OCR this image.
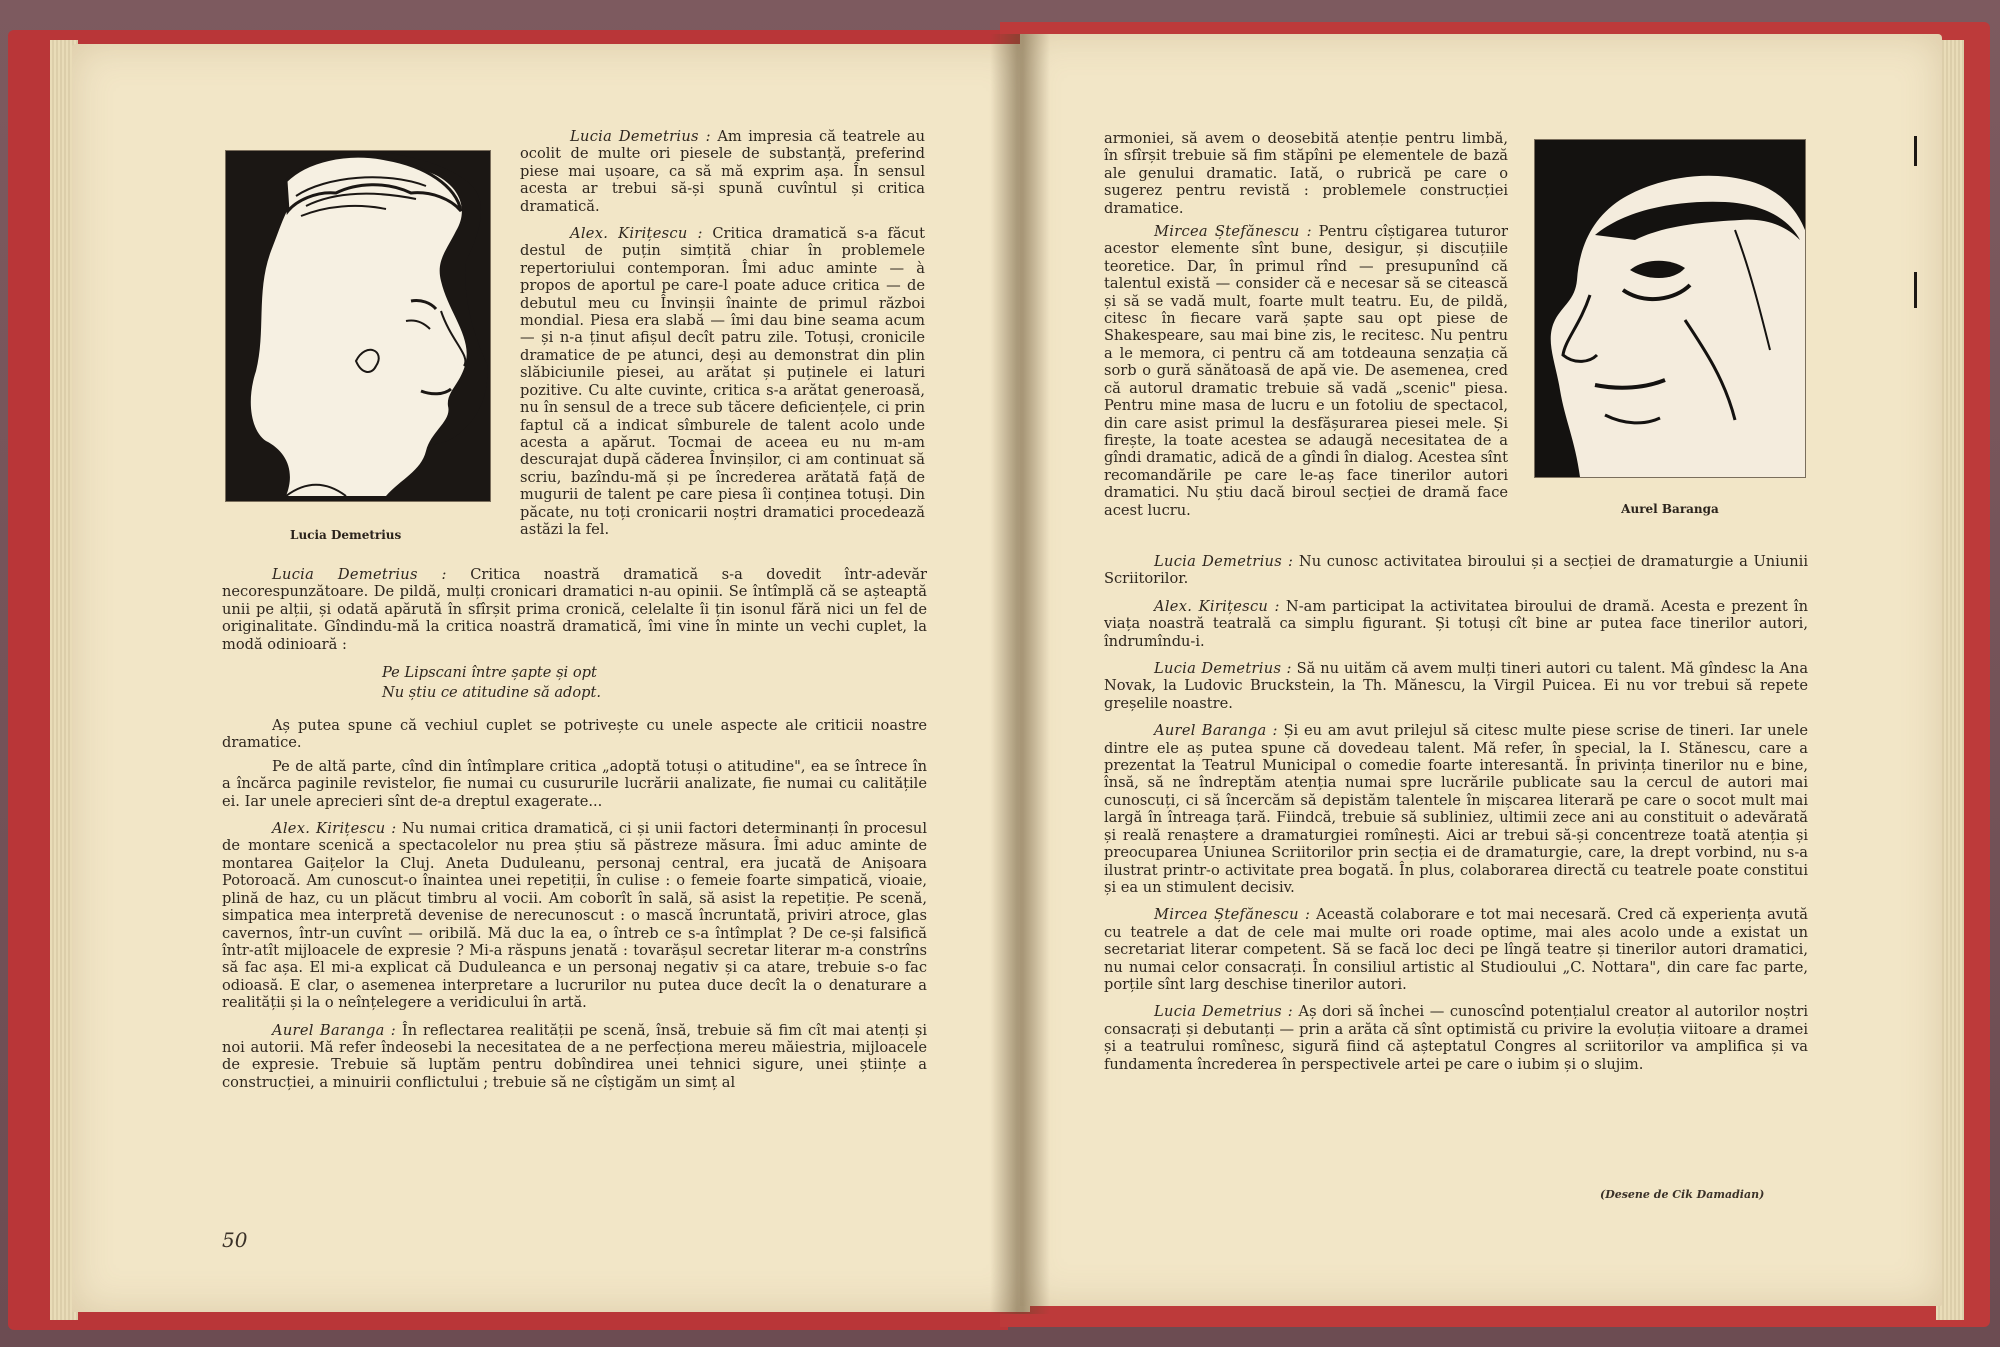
Lucia Demetrius
Aurel Baranga

Lucia Demetrius : Am impresia că teatrele au ocolit de multe ori piesele de substanță, preferind piese mai ușoare, ca să mă exprim așa. În sensul acesta ar trebui să-și spună cuvîntul și critica dramatică.

Alex. Kirițescu : Critica dramatică s-a făcut destul de puțin simțită chiar în problemele repertoriului contemporan. Îmi aduc aminte — à propos de aportul pe care-l poate aduce critica — de debutul meu cu Învinșii înainte de primul război mondial. Piesa era slabă — îmi dau bine seama acum — și n-a ținut afișul decît patru zile. Totuși, cronicile dramatice de pe atunci, deși au demonstrat din plin slăbiciunile piesei, au arătat și puținele ei laturi pozitive. Cu alte cuvinte, critica s-a arătat generoasă, nu în sensul de a trece sub tăcere deficiențele, ci prin faptul că a indicat sîmburele de talent acolo unde acesta a apărut. Tocmai de aceea eu nu m-am descurajat după căderea Învinșilor, ci am continuat să scriu, bazîndu-mă și pe încrederea arătată față de mugurii de talent pe care piesa îi conținea totuși. Din păcate, nu toți cronicarii noștri dramatici procedează astăzi la fel.

Lucia Demetrius : Critica noastră dramatică s-a dovedit într-adevăr necorespunzătoare. De pildă, mulți cronicari dramatici n-au opinii. Se întîmplă că se așteaptă unii pe alții, și odată apărută în sfîrșit prima cronică, celelalte îi țin isonul fără nici un fel de originalitate. Gîndindu-mă la critica noastră dramatică, îmi vine în minte un vechi cuplet, la modă odinioară :

Pe Lipscani între șapte și opt
Nu știu ce atitudine să adopt.

Aș putea spune că vechiul cuplet se potrivește cu unele aspecte ale criticii noastre dramatice.

Pe de altă parte, cînd din întîmplare critica „adoptă totuși o atitudine", ea se întrece în a încărca paginile revistelor, fie numai cu cusururile lucrării analizate, fie numai cu calitățile ei. Iar unele aprecieri sînt de-a dreptul exagerate...

Alex. Kirițescu : Nu numai critica dramatică, ci și unii factori determinanți în procesul de montare scenică a spectacolelor nu prea știu să păstreze măsura. Îmi aduc aminte de montarea Gaițelor la Cluj. Aneta Duduleanu, personaj central, era jucată de Anișoara Potoroacă. Am cunoscut-o înaintea unei repetiții, în culise : o femeie foarte simpatică, vioaie, plină de haz, cu un plăcut timbru al vocii. Am coborît în sală, să asist la repetiție. Pe scenă, simpatica mea interpretă devenise de nerecunoscut : o mască încruntată, priviri atroce, glas cavernos, într-un cuvînt — oribilă. Mă duc la ea, o întreb ce s-a întîmplat ? De ce-și falsifică într-atît mijloacele de expresie ? Mi-a răspuns jenată : tovarășul secretar literar m-a constrîns să fac așa. El mi-a explicat că Duduleanca e un personaj negativ și ca atare, trebuie s-o fac odioasă. E clar, o asemenea interpretare a lucrurilor nu putea duce decît la o denaturare a realității și la o neînțelegere a veridicului în artă.

Aurel Baranga : În reflectarea realității pe scenă, însă, trebuie să fim cît mai atenți și noi autorii. Mă refer îndeosebi la necesitatea de a ne perfecționa mereu măiestria, mijloacele de expresie. Trebuie să luptăm pentru dobîndirea unei tehnici sigure, unei științe a construcției, a minuirii conflictului ; trebuie să ne cîștigăm un simț al

50

armoniei, să avem o deosebită atenție pentru limbă, în sfîrșit trebuie să fim stăpîni pe elementele de bază ale genului dramatic. Iată, o rubrică pe care o sugerez pentru revistă : problemele construcției dramatice.

Mircea Ștefănescu : Pentru cîștigarea tuturor acestor elemente sînt bune, desigur, și discuțiile teoretice. Dar, în primul rînd — presupunînd că talentul există — consider că e necesar să se citească și să se vadă mult, foarte mult teatru. Eu, de pildă, citesc în fiecare vară șapte sau opt piese de Shakespeare, sau mai bine zis, le recitesc. Nu pentru a le memora, ci pentru că am totdeauna senzația că sorb o gură sănătoasă de apă vie. De asemenea, cred că autorul dramatic trebuie să vadă „scenic" piesa. Pentru mine masa de lucru e un fotoliu de spectacol, din care asist primul la desfășurarea piesei mele. Și firește, la toate acestea se adaugă necesitatea de a gîndi dramatic, adică de a gîndi în dialog. Acestea sînt recomandările pe care le-aș face tinerilor autori dramatici. Nu știu dacă biroul secției de dramă face acest lucru.

Lucia Demetrius : Nu cunosc activitatea biroului și a secției de dramaturgie a Uniunii Scriitorilor.

Alex. Kirițescu : N-am participat la activitatea biroului de dramă. Acesta e prezent în viața noastră teatrală ca simplu figurant. Și totuși cît bine ar putea face tinerilor autori, îndrumîndu-i.

Lucia Demetrius : Să nu uităm că avem mulți tineri autori cu talent. Mă gîndesc la Ana Novak, la Ludovic Bruckstein, la Th. Mănescu, la Virgil Puicea. Ei nu vor trebui să repete greșelile noastre.

Aurel Baranga : Și eu am avut prilejul să citesc multe piese scrise de tineri. Iar unele dintre ele aș putea spune că dovedeau talent. Mă refer, în special, la I. Stănescu, care a prezentat la Teatrul Municipal o comedie foarte interesantă. În privința tinerilor nu e bine, însă, să ne îndreptăm atenția numai spre lucrările publicate sau la cercul de autori mai cunoscuți, ci să încercăm să depistăm talentele în mișcarea literară pe care o socot mult mai largă în întreaga țară. Fiindcă, trebuie să subliniez, ultimii zece ani au constituit o adevărată și reală renaștere a dramaturgiei romînești. Aici ar trebui să-și concentreze toată atenția și preocuparea Uniunea Scriitorilor prin secția ei de dramaturgie, care, la drept vorbind, nu s-a ilustrat printr-o activitate prea bogată. În plus, colaborarea directă cu teatrele poate constitui și ea un stimulent decisiv.

Mircea Ștefănescu : Această colaborare e tot mai necesară. Cred că experiența avută cu teatrele a dat de cele mai multe ori roade optime, mai ales acolo unde a existat un secretariat literar competent. Să se facă loc deci pe lîngă teatre și tinerilor autori dramatici, nu numai celor consacrați. În consiliul artistic al Studioului „C. Nottara", din care fac parte, porțile sînt larg deschise tinerilor autori.

Lucia Demetrius : Aș dori să închei — cunoscînd potențialul creator al autorilor noștri consacrați și debutanți — prin a arăta că sînt optimistă cu privire la evoluția viitoare a dramei și a teatrului romînesc, sigură fiind că așteptatul Congres al scriitorilor va amplifica și va fundamenta încrederea în perspectivele artei pe care o iubim și o slujim.

(Desene de Cik Damadian)
